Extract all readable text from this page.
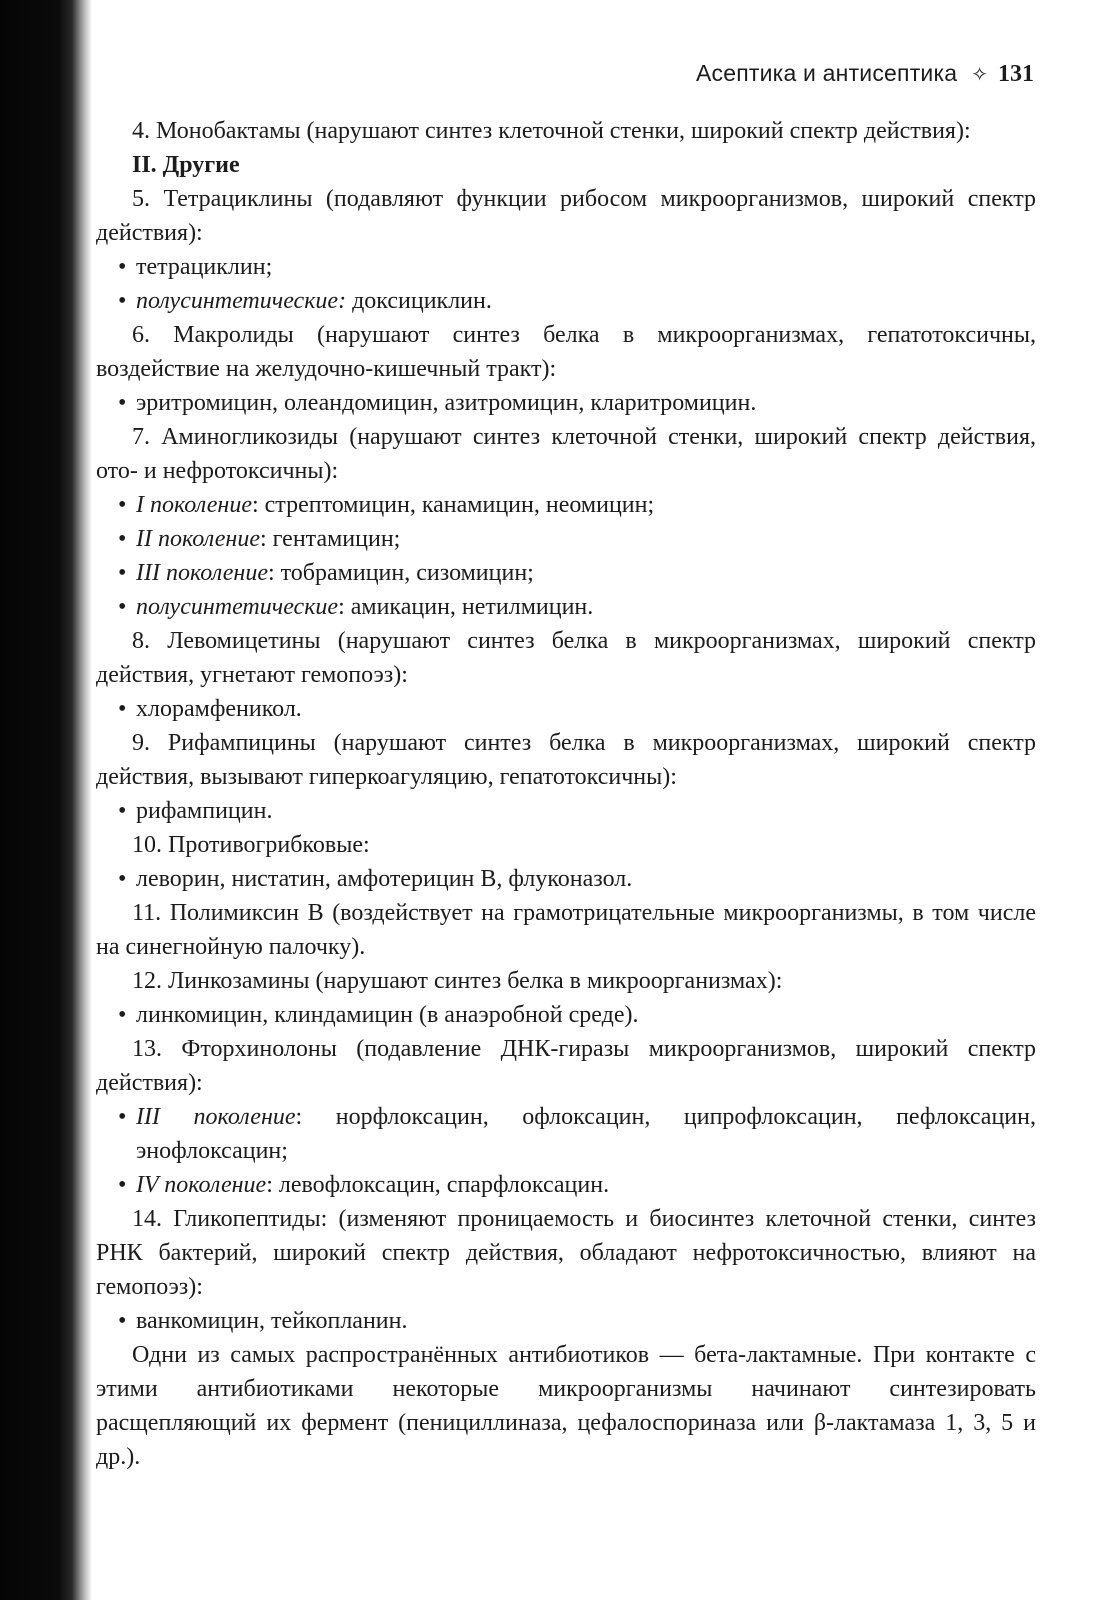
Асептика и антисептика ✧ 131

4. Монобактамы (нарушают синтез клеточной стенки, широкий спектр действия):

II. Другие

5. Тетрациклины (подавляют функции рибосом микроорганизмов, широкий спектр действия):

• тетрациклин;

• полусинтетические: доксициклин.

6. Макролиды (нарушают синтез белка в микроорганизмах, гепатотоксичны, воздействие на желудочно-кишечный тракт):

• эритромицин, олеандомицин, азитромицин, кларитромицин.

7. Аминогликозиды (нарушают синтез клеточной стенки, широкий спектр действия, ото- и нефротоксичны):

• I поколение: стрептомицин, канамицин, неомицин;

• II поколение: гентамицин;

• III поколение: тобрамицин, сизомицин;

• полусинтетические: амикацин, нетилмицин.

8. Левомицетины (нарушают синтез белка в микроорганизмах, широкий спектр действия, угнетают гемопоэз):

• хлорамфеникол.

9. Рифампицины (нарушают синтез белка в микроорганизмах, широкий спектр действия, вызывают гиперкоагуляцию, гепатотоксичны):

• рифампицин.

10. Противогрибковые:

• леворин, нистатин, амфотерицин В, флуконазол.

11. Полимиксин В (воздействует на грамотрицательные микроорганизмы, в том числе на синегнойную палочку).

12. Линкозамины (нарушают синтез белка в микроорганизмах):

• линкомицин, клиндамицин (в анаэробной среде).

13. Фторхинолоны (подавление ДНК-гиразы микроорганизмов, широкий спектр действия):

• III поколение: норфлоксацин, офлоксацин, ципрофлоксацин, пефлоксацин, энофлоксацин;

• IV поколение: левофлоксацин, спарфлоксацин.

14. Гликопептиды: (изменяют проницаемость и биосинтез клеточной стенки, синтез РНК бактерий, широкий спектр действия, обладают нефротоксичностью, влияют на гемопоэз):

• ванкомицин, тейкопланин.

Одни из самых распространённых антибиотиков — бета-лактамные. При контакте с этими антибиотиками некоторые микроорганизмы начинают синтезировать расщепляющий их фермент (пенициллиназа, цефалоспориназа или β-лактамаза 1, 3, 5 и др.).
